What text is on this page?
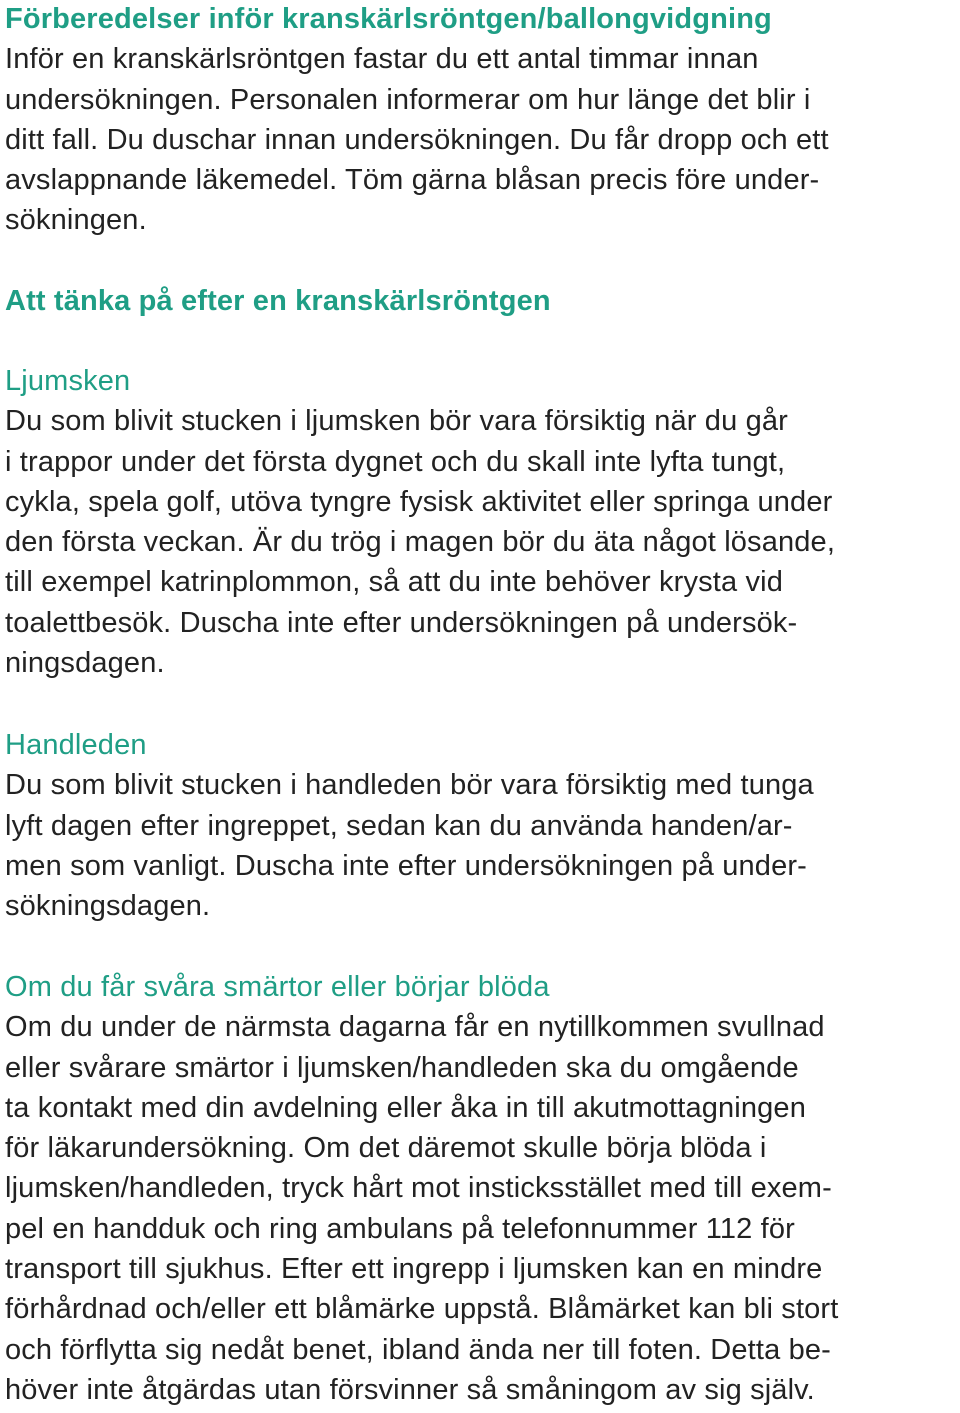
Förberedelser inför kranskärlsröntgen/ballongvidgning
Inför en kranskärlsröntgen fastar du ett antal timmar innan
undersökningen. Personalen informerar om hur länge det blir i
ditt fall. Du duschar innan undersökningen. Du får dropp och ett
avslappnande läkemedel. Töm gärna blåsan precis före under-
sökningen.
Att tänka på efter en kranskärlsröntgen
Ljumsken
Du som blivit stucken i ljumsken bör vara försiktig när du går
i trappor under det första dygnet och du skall inte lyfta tungt,
cykla, spela golf, utöva tyngre fysisk aktivitet eller springa under
den första veckan. Är du trög i magen bör du äta något lösande,
till exempel katrinplommon, så att du inte behöver krysta vid
toalettbesök. Duscha inte efter undersökningen på undersök-
ningsdagen.
Handleden
Du som blivit stucken i handleden bör vara försiktig med tunga
lyft dagen efter ingreppet, sedan kan du använda handen/ar-
men som vanligt. Duscha inte efter undersökningen på under-
sökningsdagen.
Om du får svåra smärtor eller börjar blöda
Om du under de närmsta dagarna får en nytillkommen svullnad
eller svårare smärtor i ljumsken/handleden ska du omgående
ta kontakt med din avdelning eller åka in till akutmottagningen
för läkarundersökning. Om det däremot skulle börja blöda i
ljumsken/handleden, tryck hårt mot insticksstället med till exem-
pel en handduk och ring ambulans på telefonnummer 112 för
transport till sjukhus. Efter ett ingrepp i ljumsken kan en mindre
förhårdnad och/eller ett blåmärke uppstå. Blåmärket kan bli stort
och förflytta sig nedåt benet, ibland ända ner till foten. Detta be-
höver inte åtgärdas utan försvinner så småningom av sig själv.
